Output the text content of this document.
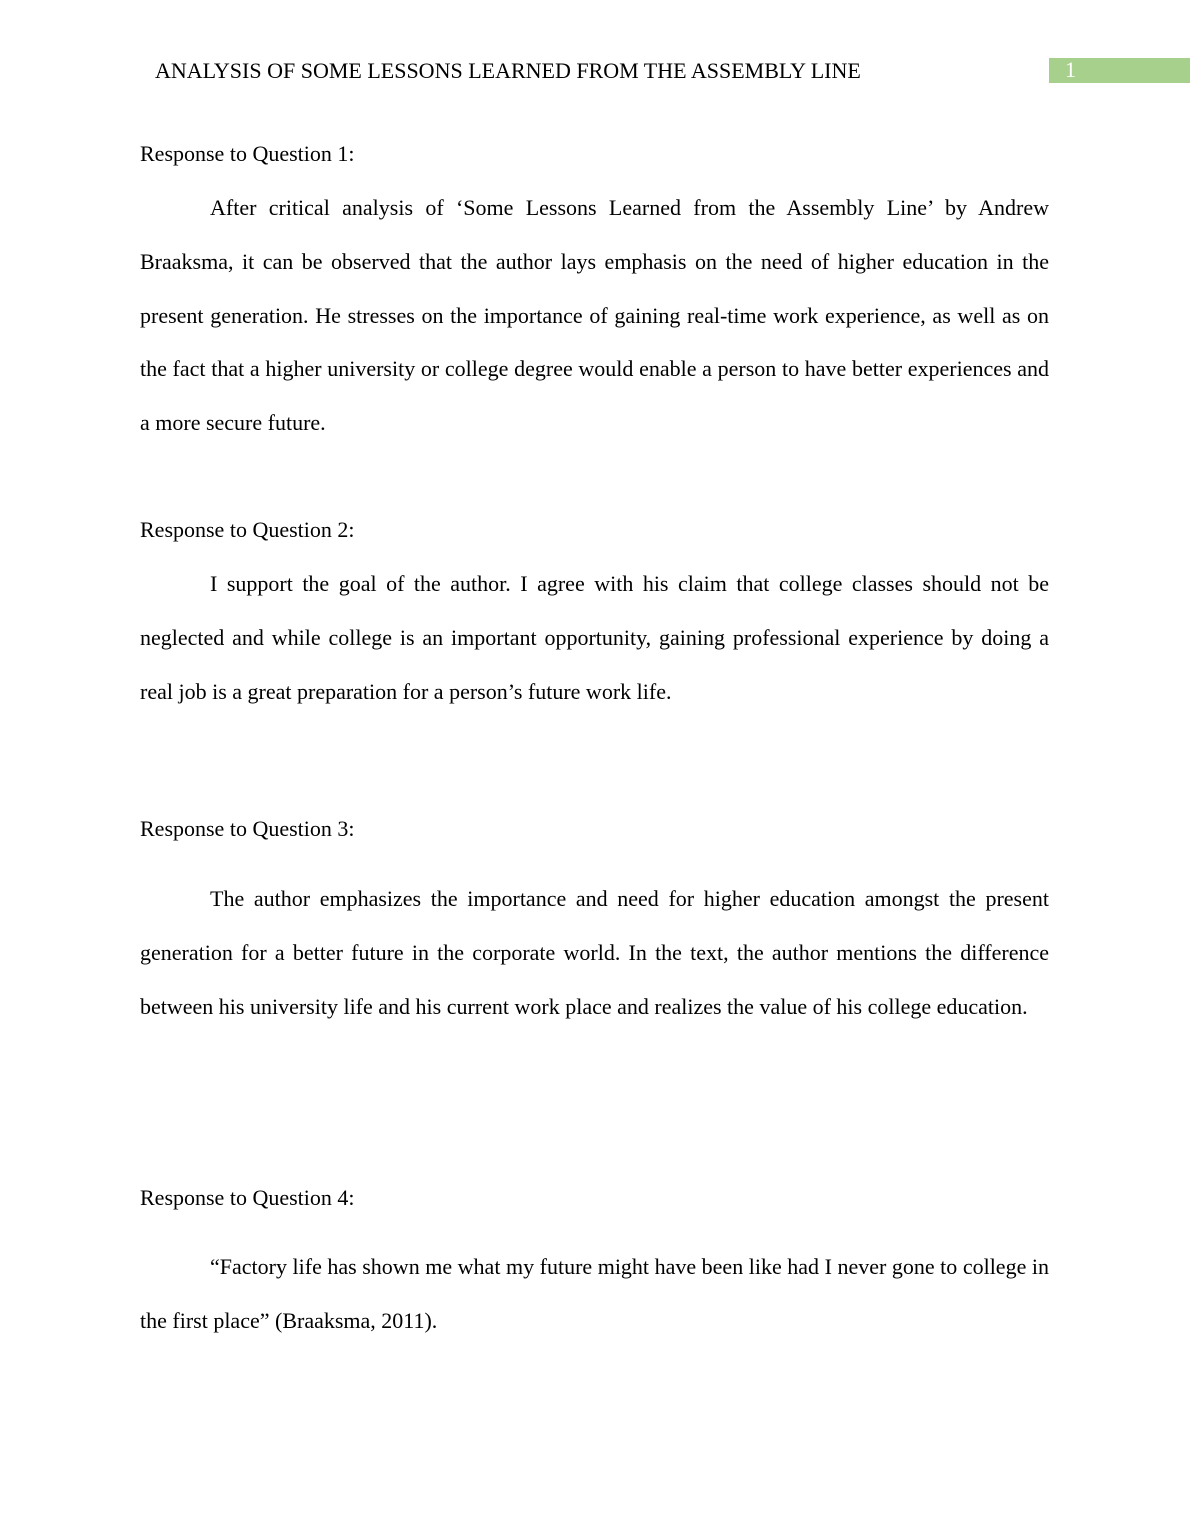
ANALYSIS OF SOME LESSONS LEARNED FROM THE ASSEMBLY LINE	1
Response to Question 1:

After critical analysis of ‘Some Lessons Learned from the Assembly Line’ by Andrew Braaksma, it can be observed that the author lays emphasis on the need of higher education in the present generation. He stresses on the importance of gaining real-time work experience, as well as on the fact that a higher university or college degree would enable a person to have better experiences and a more secure future.

Response to Question 2:

I support the goal of the author. I agree with his claim that college classes should not be neglected and while college is an important opportunity, gaining professional experience by doing a real job is a great preparation for a person’s future work life.

Response to Question 3:

The author emphasizes the importance and need for higher education amongst the present generation for a better future in the corporate world. In the text, the author mentions the difference between his university life and his current work place and realizes the value of his college education.

Response to Question 4:

“Factory life has shown me what my future might have been like had I never gone to college in the first place” (Braaksma, 2011).
